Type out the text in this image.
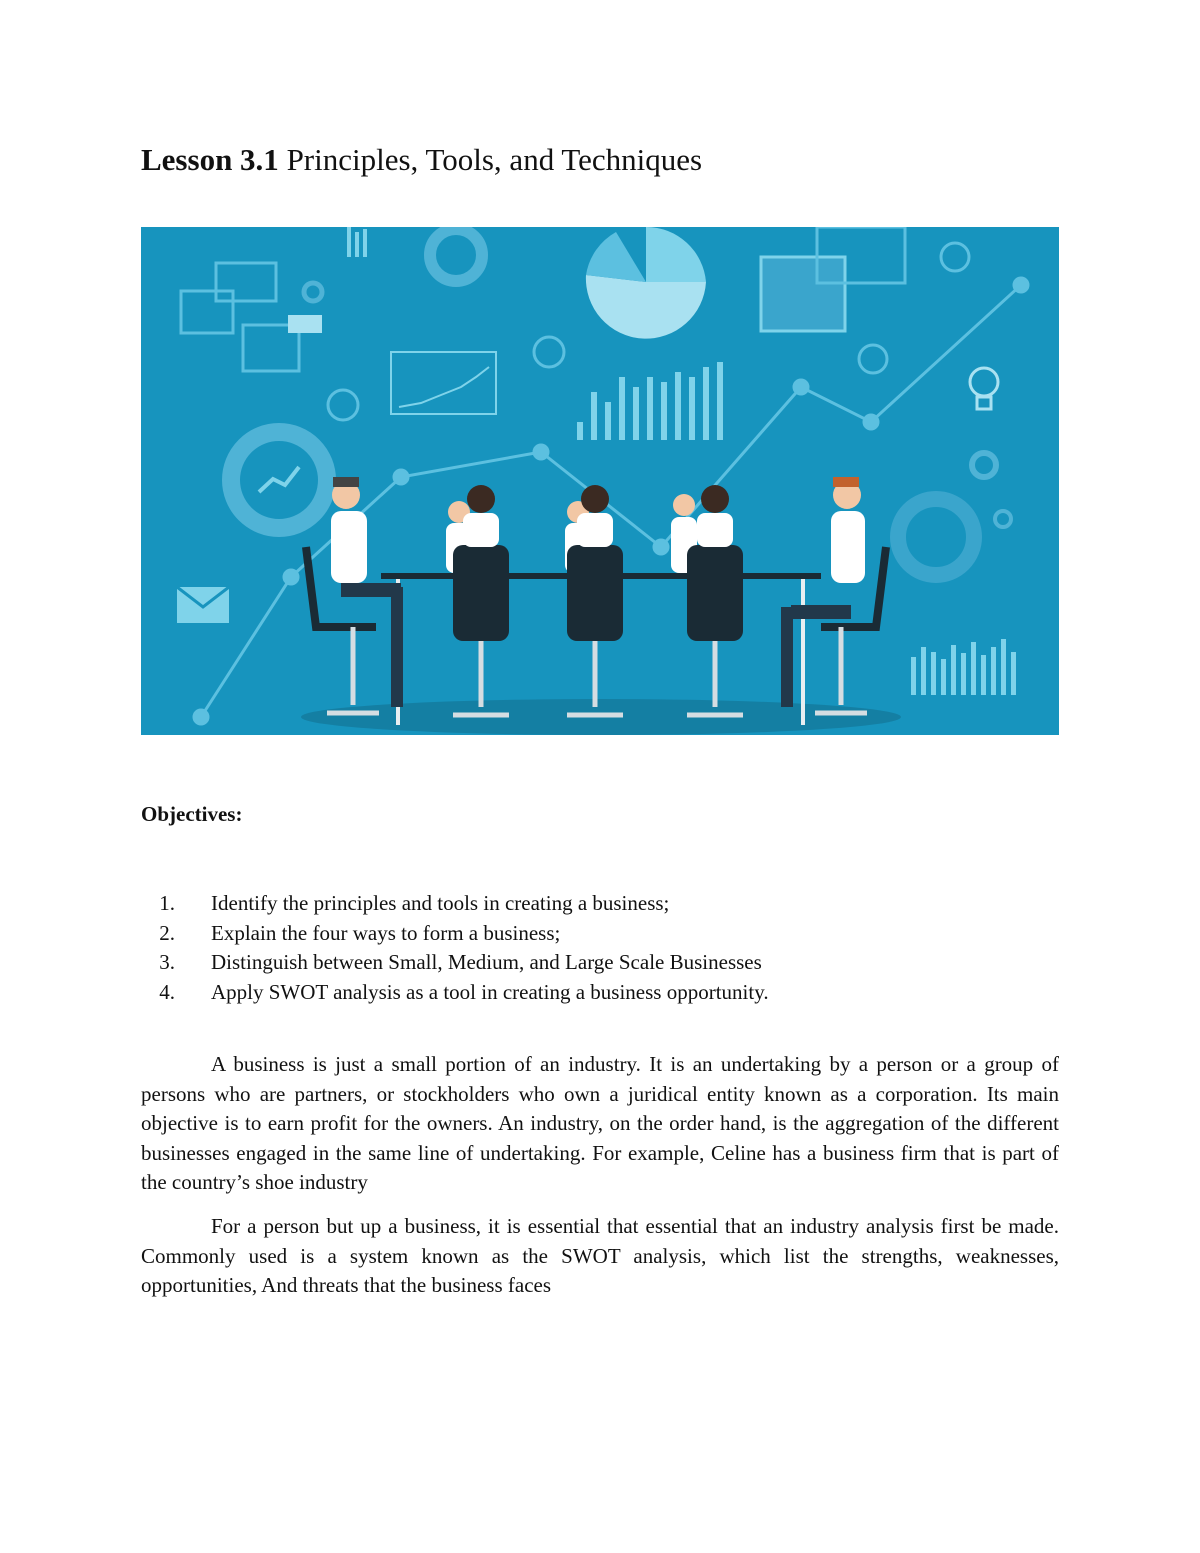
Lesson 3.1 Principles, Tools, and Techniques
Objectives:
1. Identify the principles and tools in creating a business;
2. Explain the four ways to form a business;
3. Distinguish between Small, Medium, and Large Scale Businesses
4. Apply SWOT analysis as a tool in creating a business opportunity.

A business is just a small portion of an industry. It is an undertaking by a person or a group of persons who are partners, or stockholders who own a juridical entity known as a corporation. Its main objective is to earn profit for the owners. An industry, on the order hand, is the aggregation of the different businesses engaged in the same line of undertaking. For example, Celine has a business firm that is part of the country’s shoe industry

For a person but up a business, it is essential that essential that an industry analysis first be made. Commonly used is a system known as the SWOT analysis, which list the strengths, weaknesses, opportunities, And threats that the business faces
